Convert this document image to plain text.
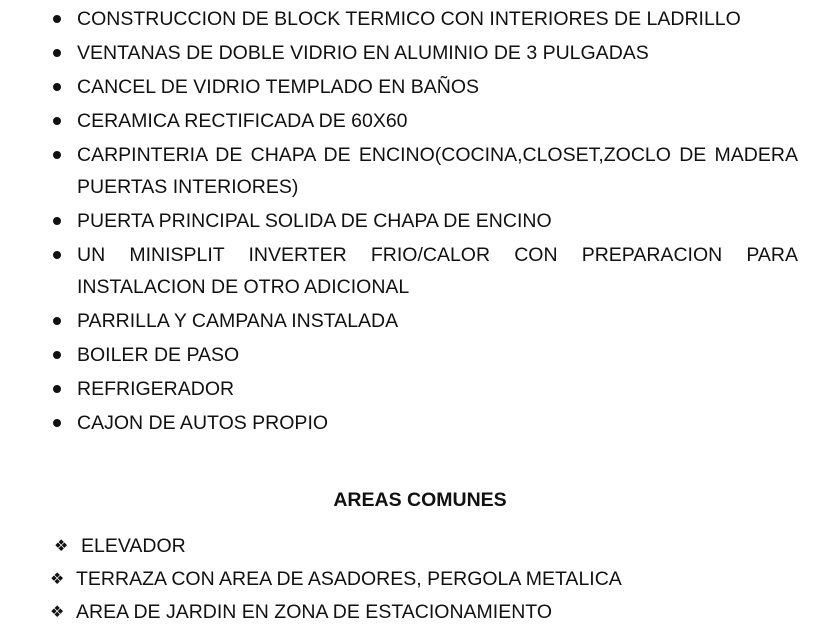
CONSTRUCCION DE BLOCK TERMICO CON INTERIORES DE LADRILLO
VENTANAS DE DOBLE VIDRIO EN ALUMINIO DE 3 PULGADAS
CANCEL DE VIDRIO TEMPLADO EN BAÑOS
CERAMICA RECTIFICADA DE 60X60
CARPINTERIA DE CHAPA DE ENCINO(COCINA,CLOSET,ZOCLO DE MADERA PUERTAS INTERIORES)
PUERTA PRINCIPAL SOLIDA DE CHAPA DE ENCINO
UN MINISPLIT INVERTER FRIO/CALOR CON PREPARACION PARA INSTALACION DE OTRO ADICIONAL
PARRILLA Y CAMPANA INSTALADA
BOILER DE PASO
REFRIGERADOR
CAJON DE AUTOS PROPIO
AREAS COMUNES
❖ ELEVADOR
❖ TERRAZA CON AREA DE ASADORES, PERGOLA METALICA
❖ AREA DE JARDIN EN ZONA DE ESTACIONAMIENTO
